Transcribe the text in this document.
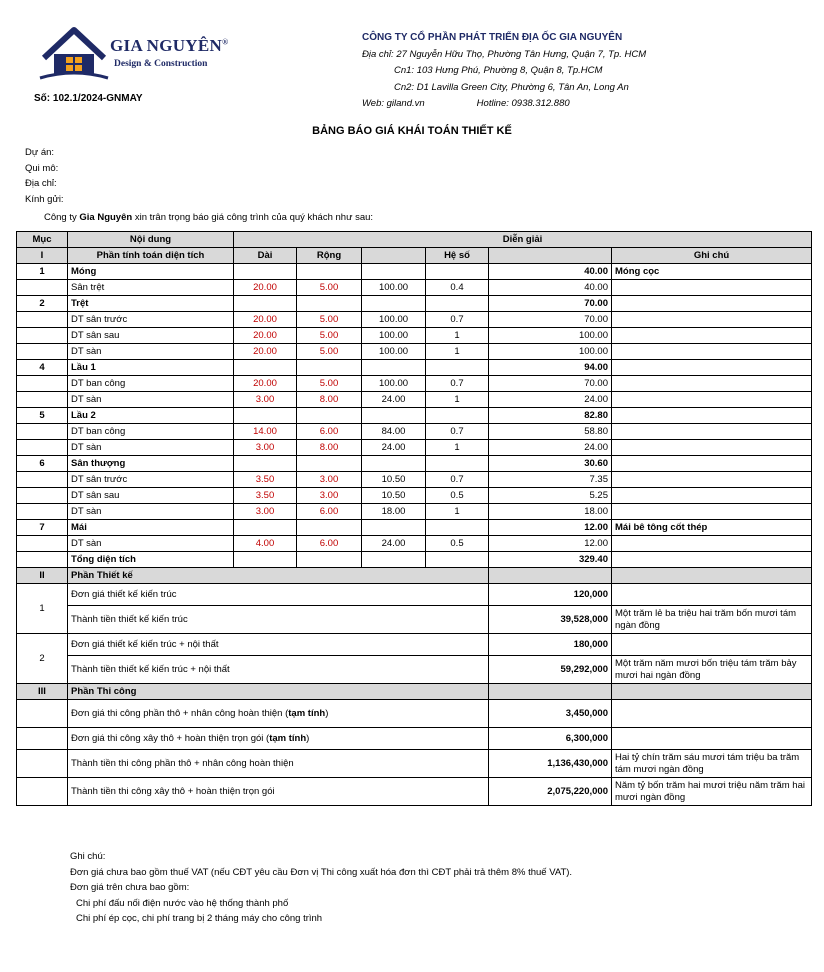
GIA NGUYÊN®
Design & Construction
Số: 102.1/2024-GNMAY
CÔNG TY CỔ PHẦN PHÁT TRIỂN ĐỊA ỐC GIA NGUYÊN
Địa chỉ: 27 Nguyễn Hữu Thọ, Phường Tân Hưng, Quận 7, Tp. HCM
Cn1: 103 Hưng Phú, Phường 8, Quận 8, Tp.HCM
Cn2: D1 Lavilla Green City, Phường 6, Tân An, Long An
Web: giland.vn	Hotline: 0938.312.880
BẢNG BÁO GIÁ KHÁI TOÁN THIẾT KẾ
Dự án:
Qui mô:
Địa chỉ:
Kính gửi:
Công ty Gia Nguyên xin trân trọng báo giá công trình của quý khách như sau:
Mục	Nội dung	Diễn giải					
I	Phần tính toán diện tích	Dài	Rộng		Hệ số		Ghi chú
1	Móng					40.00	Móng cọc
	Sân trệt	20.00	5.00	100.00	0.4	40.00	
2	Trệt					70.00	
	DT sân trước	20.00	5.00	100.00	0.7	70.00	
	DT sân sau	20.00	5.00	100.00	1	100.00	
	DT sàn	20.00	5.00	100.00	1	100.00	
4	Lầu 1					94.00	
	DT ban công	20.00	5.00	100.00	0.7	70.00	
	DT sàn	3.00	8.00	24.00	1	24.00	
5	Lầu 2					82.80	
	DT ban công	14.00	6.00	84.00	0.7	58.80	
	DT sàn	3.00	8.00	24.00	1	24.00	
6	Sân thượng					30.60	
	DT sân trước	3.50	3.00	10.50	0.7	7.35	
	DT sân sau	3.50	3.00	10.50	0.5	5.25	
	DT sàn	3.00	6.00	18.00	1	18.00	
7	Mái					12.00	Mái bê tông cốt thép
	DT sàn	4.00	6.00	24.00	0.5	12.00	
	Tổng diện tích					329.40	
II	Phần Thiết kế						
1	Đơn giá thiết kế kiến trúc					120,000	
	Thành tiền thiết kế kiến trúc					39,528,000	Một trăm lẻ ba triệu hai trăm bốn mươi tám ngàn đồng
2	Đơn giá thiết kế kiến trúc + nội thất					180,000	
	Thành tiền thiết kế kiến trúc + nội thất					59,292,000	Một trăm năm mươi bốn triệu tám trăm bảy mươi hai ngàn đồng
III	Phần Thi công						
	Đơn giá thi công phần thô + nhân công hoàn thiện (tạm tính)					3,450,000	
	Đơn giá thi công xây thô + hoàn thiện trọn gói (tạm tính)					6,300,000	
	Thành tiền thi công phần thô + nhân công hoàn thiện					1,136,430,000	Hai tỷ chín trăm sáu mươi tám triệu ba trăm tám mươi ngàn đồng
	Thành tiền thi công xây thô + hoàn thiện trọn gói					2,075,220,000	Năm tỷ bốn trăm hai mươi triệu năm trăm hai mươi ngàn đồng
Ghi chú:
Đơn giá chưa bao gồm thuế VAT (nếu CĐT yêu cầu Đơn vị Thi công xuất hóa đơn thì CĐT phải trả thêm 8% thuế VAT).
Đơn giá trên chưa bao gồm:
Chi phí đấu nối điện nước vào hệ thống thành phố
Chi phí ép cọc, chi phí trang bị 2 tháng máy cho công trình
